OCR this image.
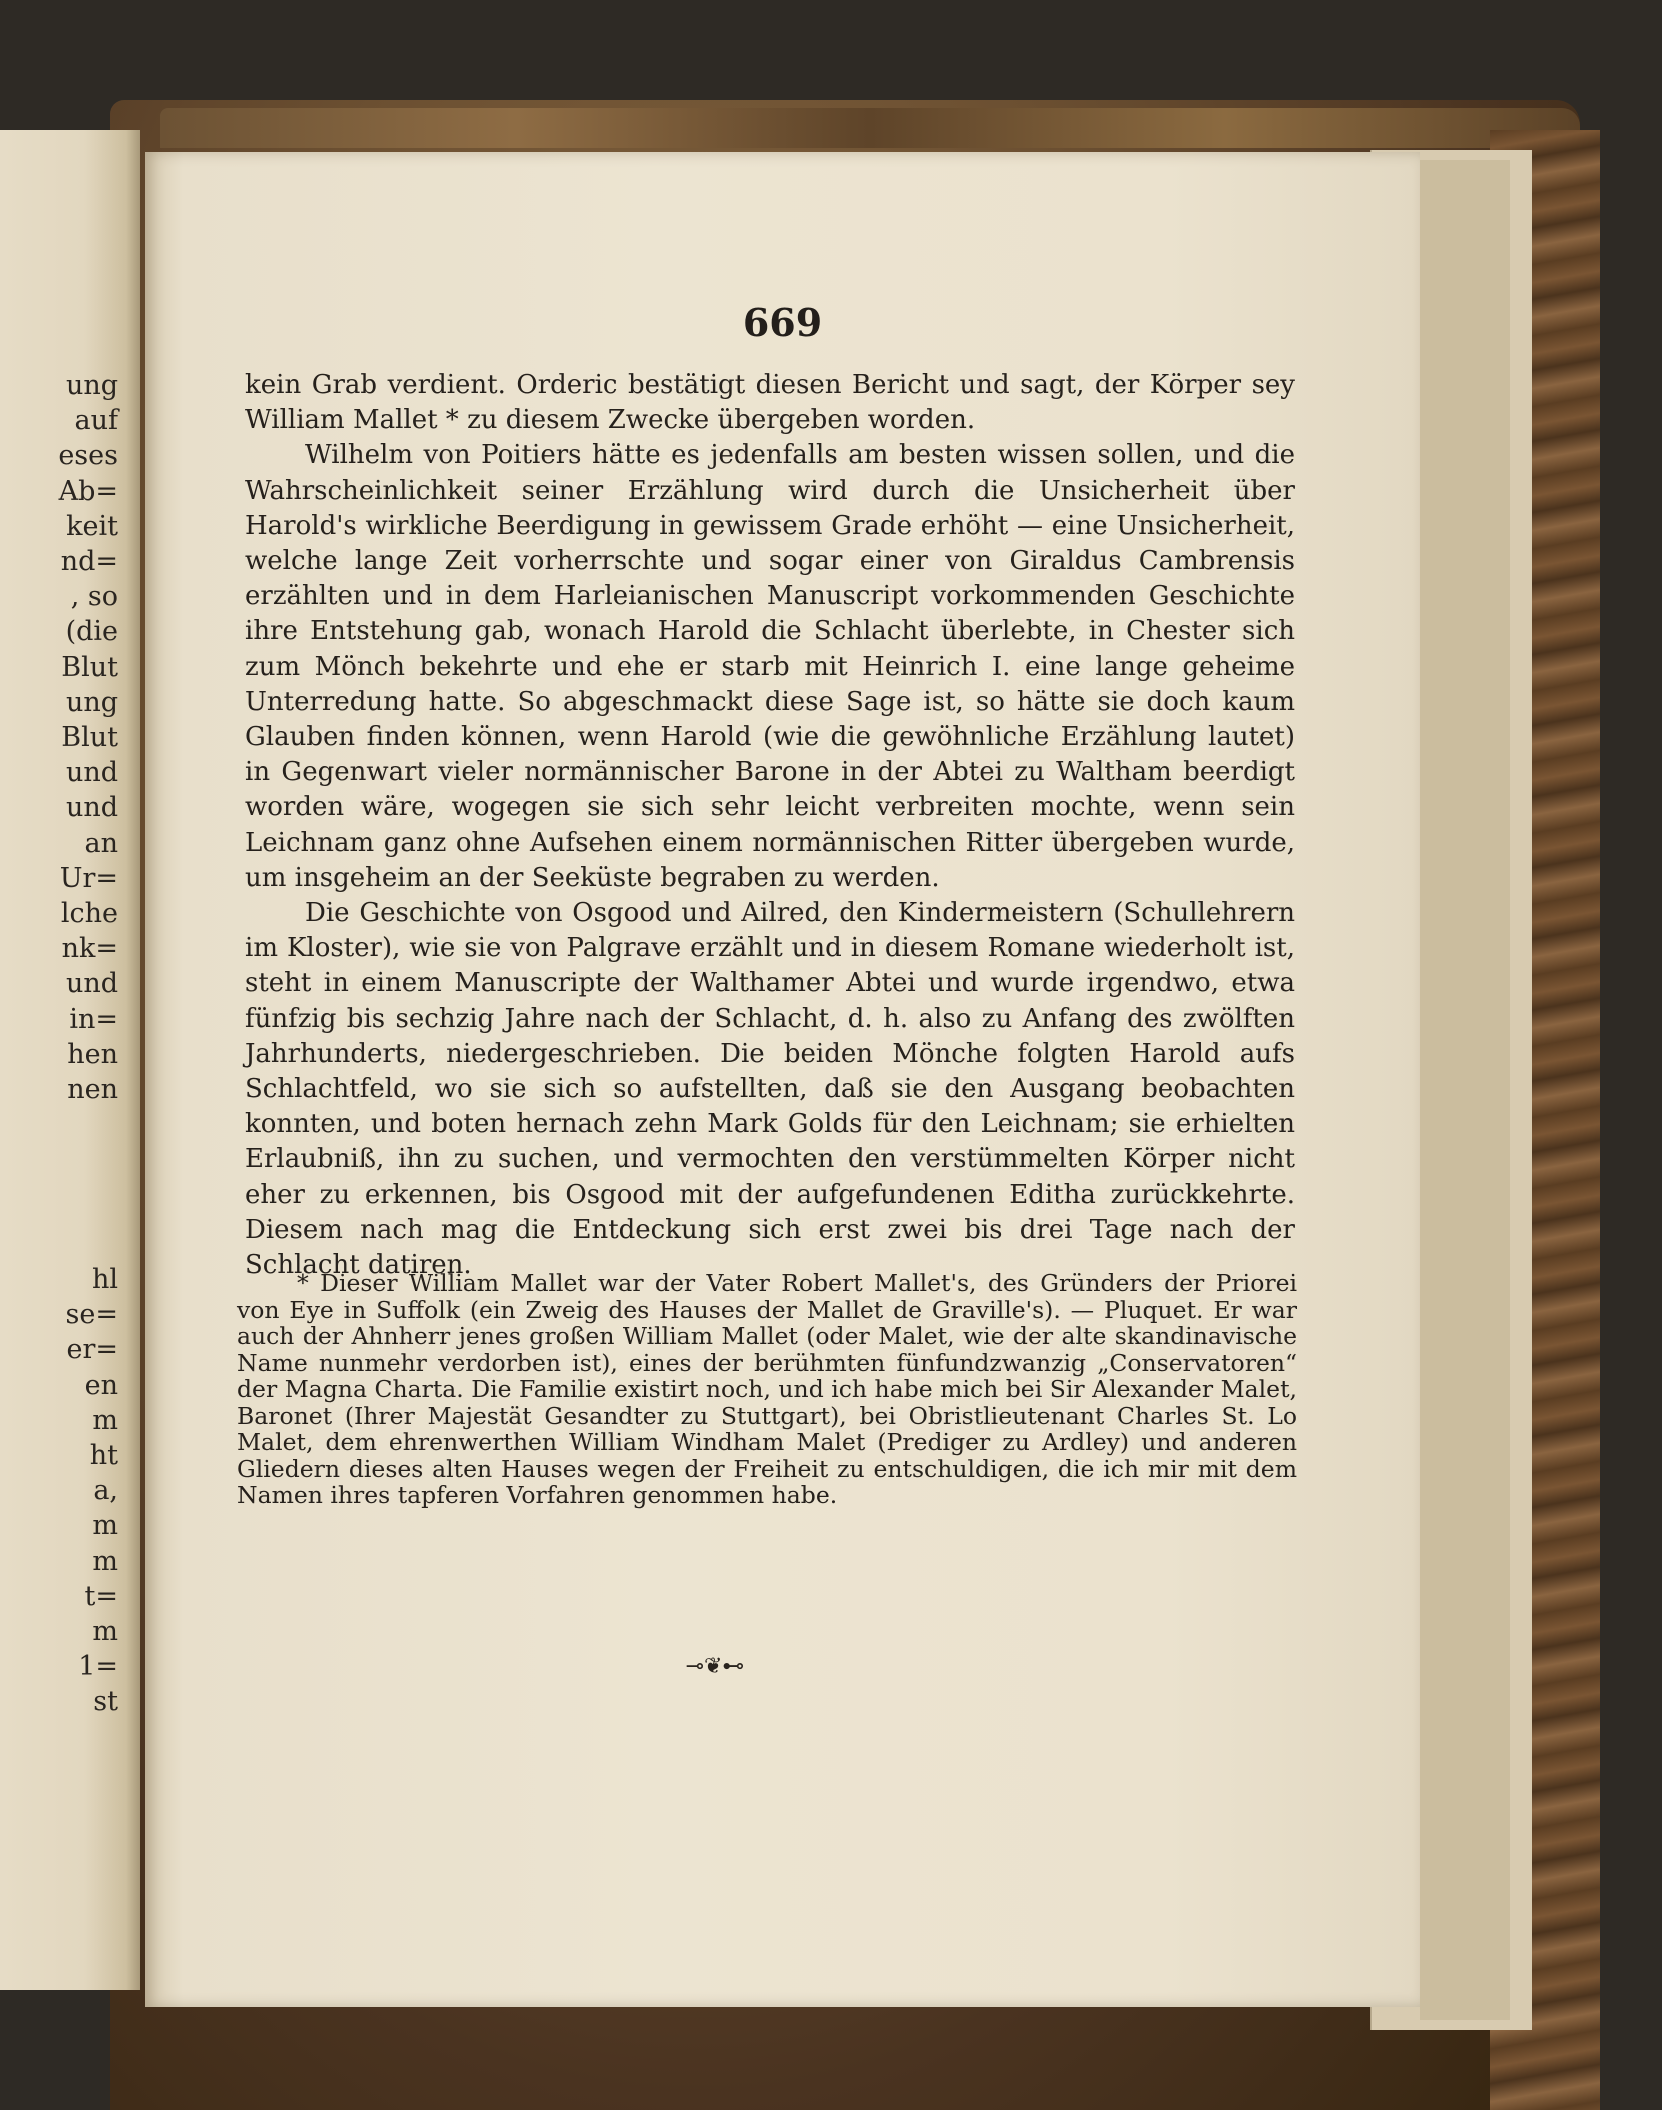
ung
auf
eses
Ab=
keit
nd=
, so
(die
Blut
ung
Blut
und
und
an
Ur=
lche
nk=
und
in=
hen
nen
hl
se=
er=
en
m
ht
a,
m
m
t=
m
1=
st
669

kein Grab verdient. Orderic bestätigt diesen Bericht und sagt, der Körper sey William Mallet * zu diesem Zwecke übergeben worden.

Wilhelm von Poitiers hätte es jedenfalls am besten wissen sollen, und die Wahrscheinlichkeit seiner Erzählung wird durch die Unsicherheit über Harold's wirkliche Beerdigung in gewissem Grade erhöht — eine Unsicherheit, welche lange Zeit vorherrschte und sogar einer von Giraldus Cambrensis erzählten und in dem Harleianischen Manuscript vorkommenden Geschichte ihre Entstehung gab, wonach Harold die Schlacht überlebte, in Chester sich zum Mönch bekehrte und ehe er starb mit Heinrich I. eine lange geheime Unterredung hatte. So abgeschmackt diese Sage ist, so hätte sie doch kaum Glauben finden können, wenn Harold (wie die gewöhnliche Erzählung lautet) in Gegenwart vieler normännischer Barone in der Abtei zu Waltham beerdigt worden wäre, wogegen sie sich sehr leicht verbreiten mochte, wenn sein Leichnam ganz ohne Aufsehen einem normännischen Ritter übergeben wurde, um insgeheim an der Seeküste begraben zu werden.

Die Geschichte von Osgood und Ailred, den Kindermeistern (Schullehrern im Kloster), wie sie von Palgrave erzählt und in diesem Romane wiederholt ist, steht in einem Manuscripte der Walthamer Abtei und wurde irgendwo, etwa fünfzig bis sechzig Jahre nach der Schlacht, d. h. also zu Anfang des zwölften Jahrhunderts, niedergeschrieben. Die beiden Mönche folgten Harold aufs Schlachtfeld, wo sie sich so aufstellten, daß sie den Ausgang beobachten konnten, und boten hernach zehn Mark Golds für den Leichnam; sie erhielten Erlaubniß, ihn zu suchen, und vermochten den verstümmelten Körper nicht eher zu erkennen, bis Osgood mit der aufgefundenen Editha zurückkehrte. Diesem nach mag die Entdeckung sich erst zwei bis drei Tage nach der Schlacht datiren.

* Dieser William Mallet war der Vater Robert Mallet's, des Gründers der Priorei von Eye in Suffolk (ein Zweig des Hauses der Mallet de Graville's). — Pluquet. Er war auch der Ahnherr jenes großen William Mallet (oder Malet, wie der alte skandinavische Name nunmehr verdorben ist), eines der berühmten fünfundzwanzig „Conservatoren“ der Magna Charta. Die Familie existirt noch, und ich habe mich bei Sir Alexander Malet, Baronet (Ihrer Majestät Gesandter zu Stuttgart), bei Obristlieutenant Charles St. Lo Malet, dem ehrenwerthen William Windham Malet (Prediger zu Ardley) und anderen Gliedern dieses alten Hauses wegen der Freiheit zu entschuldigen, die ich mir mit dem Namen ihres tapferen Vorfahren genommen habe.

⊸❦⊷
